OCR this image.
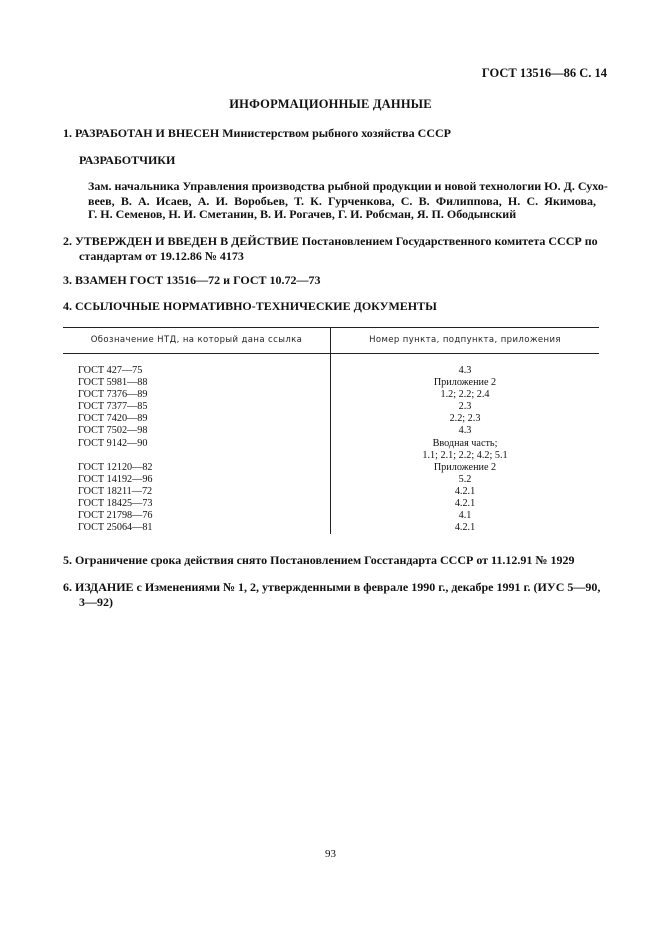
ГОСТ 13516—86 С. 14
ИНФОРМАЦИОННЫЕ ДАННЫЕ
1. РАЗРАБОТАН И ВНЕСЕН Министерством рыбного хозяйства СССР
РАЗРАБОТЧИКИ
Зам. начальника Управления производства рыбной продукции и новой технологии Ю. Д. Сухо-
веев, В. А. Исаев, А. И. Воробьев, Т. К. Гурченкова, С. В. Филиппова, Н. С. Якимова,
Г. Н. Семенов, Н. И. Сметанин, В. И. Рогачев, Г. И. Робсман, Я. П. Ободынский
2. УТВЕРЖДЕН И ВВЕДЕН В ДЕЙСТВИЕ Постановлением Государственного комитета СССР по
стандартам от 19.12.86 № 4173
3. ВЗАМЕН ГОСТ 13516—72 и ГОСТ 10.72—73
4. ССЫЛОЧНЫЕ НОРМАТИВНО-ТЕХНИЧЕСКИЕ ДОКУМЕНТЫ
Обозначение НТД, на который дана ссылка	Номер пункта, подпункта, приложения
ГОСТ 427—75
ГОСТ 5981—88
ГОСТ 7376—89
ГОСТ 7377—85
ГОСТ 7420—89
ГОСТ 7502—98
ГОСТ 9142—90
ГОСТ 12120—82
ГОСТ 14192—96
ГОСТ 18211—72
ГОСТ 18425—73
ГОСТ 21798—76
ГОСТ 25064—81
4.3
Приложение 2
1.2; 2.2; 2.4
2.3
2.2; 2.3
4.3
Вводная часть;
1.1; 2.1; 2.2; 4.2; 5.1
Приложение 2
5.2
4.2.1
4.2.1
4.1
4.2.1
5. Ограничение срока действия снято Постановлением Госстандарта СССР от 11.12.91 № 1929
6. ИЗДАНИЕ с Изменениями № 1, 2, утвержденными в феврале 1990 г., декабре 1991 г. (ИУС 5—90,
3—92)
93
